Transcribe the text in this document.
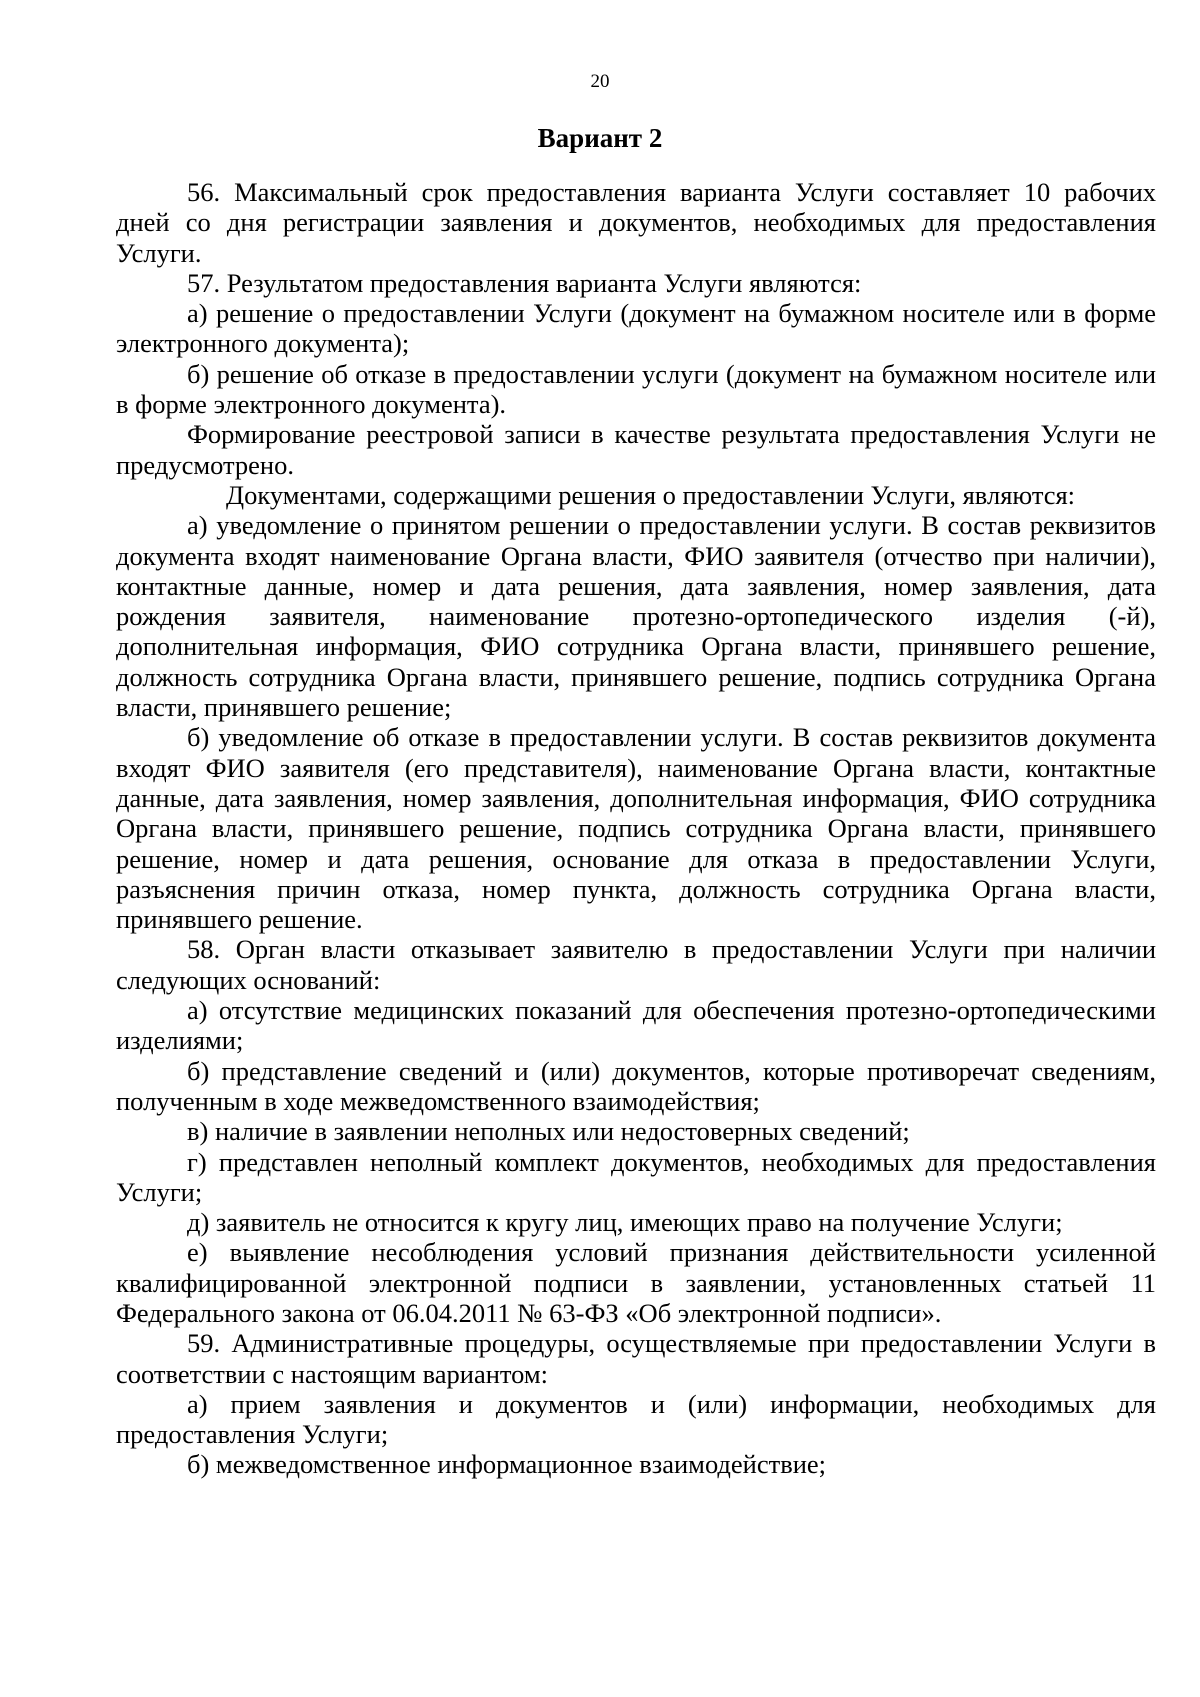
20
Вариант 2

56. Максимальный срок предоставления варианта Услуги составляет 10 рабочих дней со дня регистрации заявления и документов, необходимых для предоставления Услуги.

57. Результатом предоставления варианта Услуги являются:

а) решение о предоставлении Услуги (документ на бумажном носителе или в форме электронного документа);

б) решение об отказе в предоставлении услуги (документ на бумажном носителе или в форме электронного документа).

Формирование реестровой записи в качестве результата предоставления Услуги не предусмотрено.

Документами, содержащими решения о предоставлении Услуги, являются:

а) уведомление о принятом решении о предоставлении услуги. В состав реквизитов документа входят наименование Органа власти, ФИО заявителя (отчество при наличии), контактные данные, номер и дата решения, дата заявления, номер заявления, дата рождения заявителя, наименование протезно-ортопедического изделия (-й), дополнительная информация, ФИО сотрудника Органа власти, принявшего решение, должность сотрудника Органа власти, принявшего решение, подпись сотрудника Органа власти, принявшего решение;

б) уведомление об отказе в предоставлении услуги. В состав реквизитов документа входят ФИО заявителя (его представителя), наименование Органа власти, контактные данные, дата заявления, номер заявления, дополнительная информация, ФИО сотрудника Органа власти, принявшего решение, подпись сотрудника Органа власти, принявшего решение, номер и дата решения, основание для отказа в предоставлении Услуги, разъяснения причин отказа, номер пункта, должность сотрудника Органа власти, принявшего решение.

58. Орган власти отказывает заявителю в предоставлении Услуги при наличии следующих оснований:

а) отсутствие медицинских показаний для обеспечения протезно-ортопедическими изделиями;

б) представление сведений и (или) документов, которые противоречат сведениям, полученным в ходе межведомственного взаимодействия;

в) наличие в заявлении неполных или недостоверных сведений;

г) представлен неполный комплект документов, необходимых для предоставления Услуги;

д) заявитель не относится к кругу лиц, имеющих право на получение Услуги;

е) выявление несоблюдения условий признания действительности усиленной квалифицированной электронной подписи в заявлении, установленных статьей 11 Федерального закона от 06.04.2011 № 63-ФЗ «Об электронной подписи».

59. Административные процедуры, осуществляемые при предоставлении Услуги в соответствии с настоящим вариантом:

а) прием заявления и документов и (или) информации, необходимых для предоставления Услуги;

б) межведомственное информационное взаимодействие;
